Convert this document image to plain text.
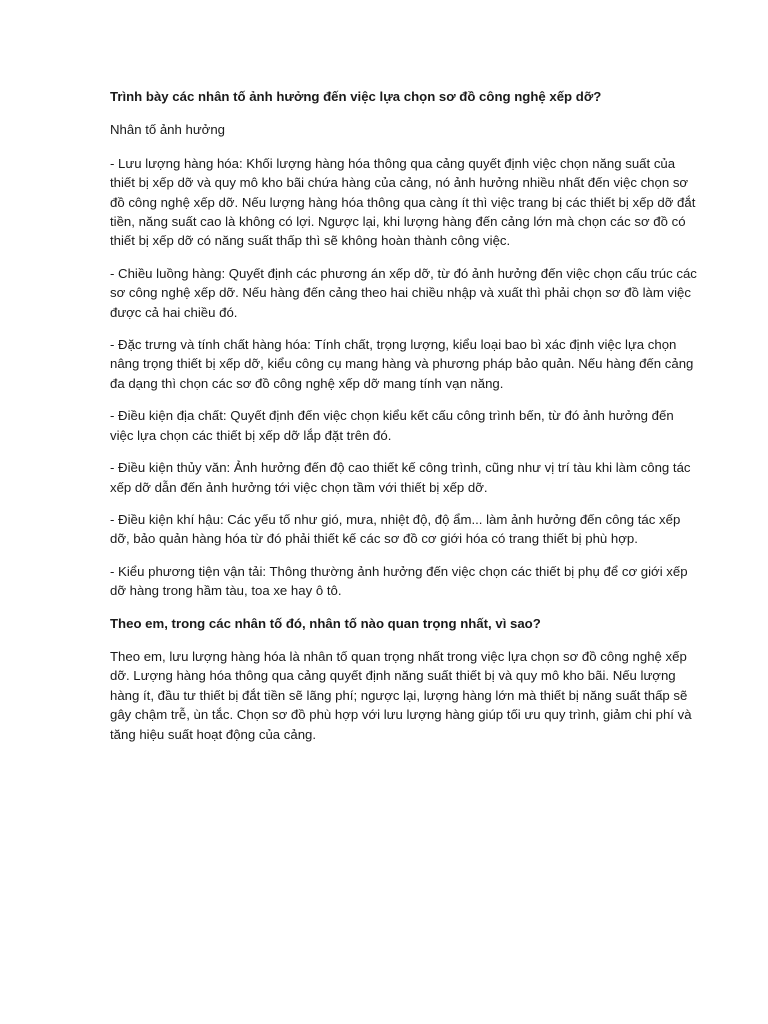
Trình bày các nhân tố ảnh hưởng đến việc lựa chọn sơ đồ công nghệ xếp dỡ?

Nhân tố ảnh hưởng

- Lưu lượng hàng hóa: Khối lượng hàng hóa thông qua cảng quyết định việc chọn năng suất của thiết bị xếp dỡ và quy mô kho bãi chứa hàng của cảng, nó ảnh hưởng nhiều nhất đến việc chọn sơ đồ công nghệ xếp dỡ. Nếu lượng hàng hóa thông qua càng ít thì việc trang bị các thiết bị xếp dỡ đắt tiền, năng suất cao là không có lợi. Ngược lại, khi lượng hàng đến cảng lớn mà chọn các sơ đồ có thiết bị xếp dỡ có năng suất thấp thì sẽ không hoàn thành công việc.

- Chiều luồng hàng: Quyết định các phương án xếp dỡ, từ đó ảnh hưởng đến việc chọn cấu trúc các sơ công nghệ xếp dỡ. Nếu hàng đến cảng theo hai chiều nhập và xuất thì phải chọn sơ đồ làm việc được cả hai chiều đó.

- Đặc trưng và tính chất hàng hóa: Tính chất, trọng lượng, kiểu loại bao bì xác định việc lựa chọn nâng trọng thiết bị xếp dỡ, kiểu công cụ mang hàng và phương pháp bảo quản. Nếu hàng đến cảng đa dạng thì chọn các sơ đồ công nghệ xếp dỡ mang tính vạn năng.

- Điều kiện địa chất: Quyết định đến việc chọn kiểu kết cấu công trình bến, từ đó ảnh hưởng đến việc lựa chọn các thiết bị xếp dỡ lắp đặt trên đó.

- Điều kiện thủy văn: Ảnh hưởng đến độ cao thiết kế công trình, cũng như vị trí tàu khi làm công tác xếp dỡ dẫn đến ảnh hưởng tới việc chọn tầm với thiết bị xếp dỡ.

- Điều kiện khí hậu: Các yếu tố như gió, mưa, nhiệt độ, độ ẩm... làm ảnh hưởng đến công tác xếp dỡ, bảo quản hàng hóa từ đó phải thiết kế các sơ đồ cơ giới hóa có trang thiết bị phù hợp.

- Kiểu phương tiện vận tải: Thông thường ảnh hưởng đến việc chọn các thiết bị phụ để cơ giới xếp dỡ hàng trong hầm tàu, toa xe hay ô tô.

Theo em, trong các nhân tố đó, nhân tố nào quan trọng nhất, vì sao?

Theo em, lưu lượng hàng hóa là nhân tố quan trọng nhất trong việc lựa chọn sơ đồ công nghệ xếp dỡ. Lượng hàng hóa thông qua cảng quyết định năng suất thiết bị và quy mô kho bãi. Nếu lượng hàng ít, đầu tư thiết bị đắt tiền sẽ lãng phí; ngược lại, lượng hàng lớn mà thiết bị năng suất thấp sẽ gây chậm trễ, ùn tắc. Chọn sơ đồ phù hợp với lưu lượng hàng giúp tối ưu quy trình, giảm chi phí và tăng hiệu suất hoạt động của cảng.
